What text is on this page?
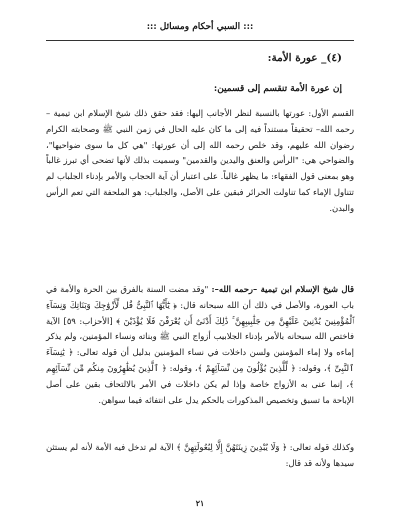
::: السبي أحكام ومسائل :::
(٤)_ عورة الأمة:
إن عورة الأمة تنقسم إلى قسمين:
القسم الأول: عورتها بالنسبة لنظر الأجانب إليها: فقد حقق ذلك شيخ الإسلام ابن تيمية –رحمه الله– تحقيقاً مستنداً فيه إلى ما كان عليه الحال في زمن النبي ﷺ وصحابته الكرام رضوان الله عليهم، وقد خلص رحمه الله إلى أن عورتها: "هي كل ما سوى ضواحيها"، والضواحي هي: "الرأس والعنق واليدين والقدمين" وسميت بذلك لأنها تضحى أي تبرز غالباً وهو بمعنى قول الفقهاء: ما يظهر غالباً. على اعتبار أن آية الحجاب والأمر بإدناء الجلباب لم تتناول الإماء كما تناولت الحرائر فبقين على الأصل، والجلباب: هو الملحفة التي تعم الرأس والبدن.
قال شيخ الإسلام ابن تيمية –رحمه الله–: "وقد مضت السنة بالفرق بين الحرة والأمة في باب العورة، والأصل في ذلك أن الله سبحانه قال: ﴿ يَٰٓأَيُّهَا ٱلنَّبِىُّ قُل لِّأَزْوَٰجِكَ وَبَنَاتِكَ وَنِسَآءِ ٱلْمُؤْمِنِينَ يُدْنِينَ عَلَيْهِنَّ مِن جَلَٰبِيبِهِنَّ ۚ ذَٰلِكَ أَدْنَىٰٓ أَن يُعْرَفْنَ فَلَا يُؤْذَيْنَ ﴾ [الأحزاب: ٥٩] الآية فاختص الله سبحانه بالأمر بإدناء الجلابيب أزواج النبي ﷺ وبناته ونساء المؤمنين، ولم يذكر إماءه ولا إماء المؤمنين ولسن داخلات في نساء المؤمنين بدليل أن قوله تعالى: ﴿ يَٰنِسَآءَ ٱلنَّبِىِّ ﴾، وقوله: ﴿ لِّلَّذِينَ يُؤْلُونَ مِن نِّسَآئِهِمْ ﴾، وقوله: ﴿ ٱلَّذِينَ يُظَٰهِرُونَ مِنكُم مِّن نِّسَآئِهِم ﴾، إنما عنى به الأزواج خاصة وإذا لم يكن داخلات في الأمر بالالتحاف بقين على أصل الإباحة ما تسبق وتخصيص المذكورات بالحكم يدل على انتفائه فيما سواهن.
وكذلك قوله تعالى: ﴿ وَلَا يُبْدِينَ زِينَتَهُنَّ إِلَّا لِبُعُولَتِهِنَّ ﴾ الآية لم تدخل فيه الأمة لأنه لم يستثن سيدها ولأنه قد قال:
٢١
